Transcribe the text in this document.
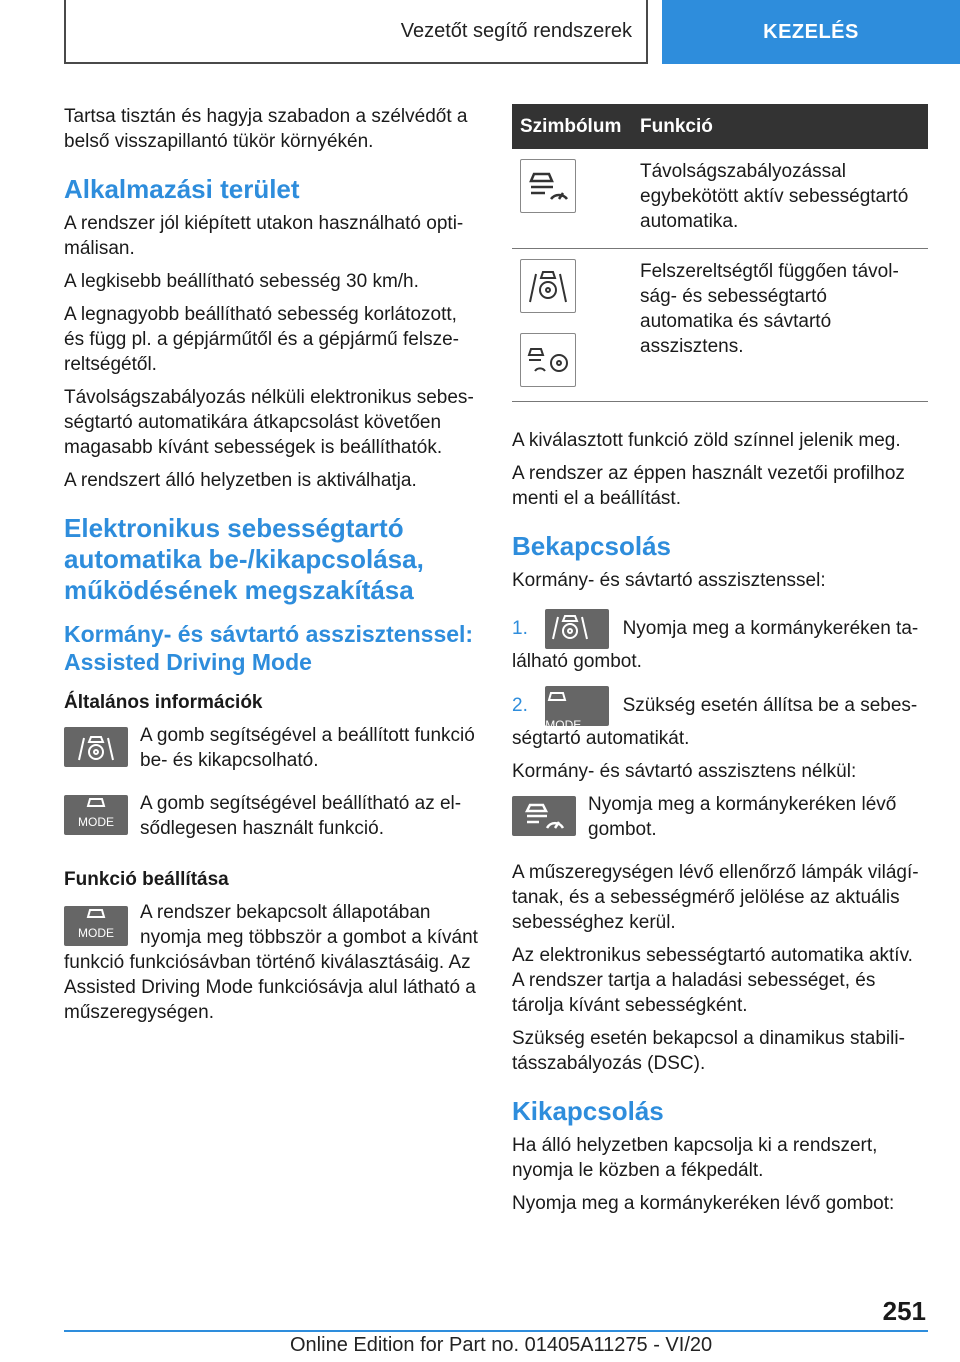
Vezetőt segítő rendszerek	KEZELÉS

Tartsa tisztán és hagyja szabadon a szélvédőt a belső visszapillantó tükör környékén.

Alkalmazási terület

A rendszer jól kiépített utakon használható optimálisan.

A legkisebb beállítható sebesség 30 km/h.

A legnagyobb beállítható sebesség korlátozott, és függ pl. a gépjárműtől és a gépjármű felszereltségétől.

Távolságszabályozás nélküli elektronikus sebességtartó automatikára átkapcsolást követően magasabb kívánt sebességek is beállíthatók.

A rendszert álló helyzetben is aktiválhatja.

Elektronikus sebességtartó automatika be-/kikapcsolása, működésének megszakítása
Kormány- és sávtartó asszisztenssel: Assisted Driving Mode
Általános információk
A gomb segítségével a beállított funkció be- és kikapcsolható.
MODE
A gomb segítségével beállítható az elsődlegesen használt funkció.
Funkció beállítása
MODE

A rendszer bekapcsolt állapotában nyomja meg többször a gombot a kívánt funkció funkciósávban történő kiválasztásáig. Az Assisted Driving Mode funkciósávja alul látható a műszeregységen.

Szimbólum	Funkció

	Távolságszabályozással egybekötött aktív sebességtartó automatika.

	Felszereltségtől függően távolság- és sebességtartó automatika és sávtartó asszisztens.

A kiválasztott funkció zöld színnel jelenik meg.

A rendszer az éppen használt vezetői profilhoz menti el a beállítást.

Bekapcsolás

Kormány- és sávtartó asszisztenssel:

1.	Nyomja meg a kormánykeréken található gombot.
2.  MODE Szükség esetén állítsa be a sebességtartó automatikát.

Kormány- és sávtartó asszisztens nélkül:

Nyomja meg a kormánykeréken lévő gombot.

A műszeregységen lévő ellenőrző lámpák világítanak, és a sebességmérő jelölése az aktuális sebességhez kerül.

Az elektronikus sebességtartó automatika aktív. A rendszer tartja a haladási sebességet, és tárolja kívánt sebességként.

Szükség esetén bekapcsol a dinamikus stabilitásszabályozás (DSC).

Kikapcsolás

Ha álló helyzetben kapcsolja ki a rendszert, nyomja le közben a fékpedált.

Nyomja meg a kormánykeréken lévő gombot:

251
Online Edition for Part no. 01405A11275 - VI/20
